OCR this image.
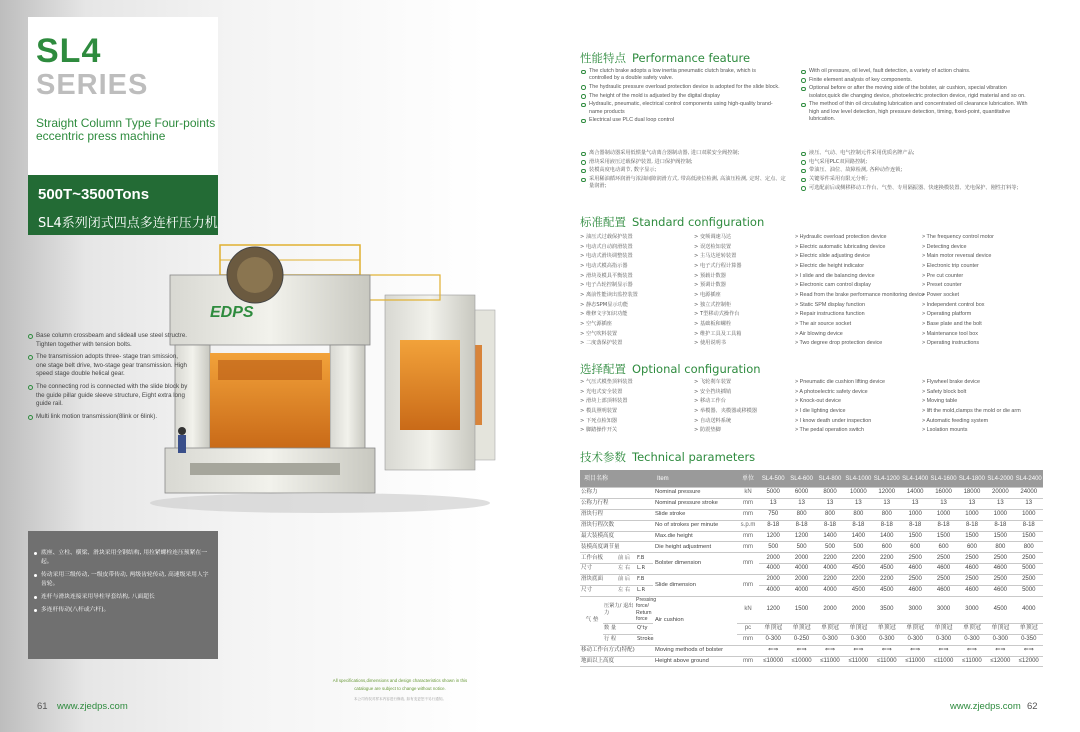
SL4
SERIES
Straight Column Type Four-points eccentric press machine
500T~3500Tons
SL4系列闭式四点多连杆压力机
EDPS
Base column crossbeam and slideall use steel structre. Tighten together with tension bolts.
The transmission adopts three- stage tran smission, one stage belt drive, two-stage gear transmission. High speed stage double helical gear.
The connecting rod is connected with the slide block by the guide pillar guide sleeve structure, Eight extra long guide rail.
Multi link motion transmission(8link or 6link).
底座、立柱、横梁、滑块采用全钢结构, 用拉紧螺栓连压预紧在一起。
传动采用三级传动, 一级皮带传动, 两级齿轮传动, 高速级采用人字齿轮。
连杆与滑块连接采用导柱导套结构, 八面超长
多连杆传动(八杆或六杆)。
性能特点 Performance feature
The clutch brake adopts a low inertia pneumatic clutch brake, which is controlled by a double safety valve.
The hydraulic pressure overload protection device is adopted for the slide block.
The height of the mold is adjusted by the digital display
Hydraulic, pneumatic, electrical control components using high-quality brand-name products
Electrical use PLC dual loop control
With oil pressure, oil level, fault detection, a variety of action chains.
Finite element analysis of key components.
Optional before or after the moving side of the bolster, air cushion, special vibration isolator,quick die changing device, photoelectric protection device, rigid material and so on.
The method of thin oil circulating lubrication and concentrated oil clearance lubrication. With high and low level detection, high pressure detection, timing, fixed-point, quantitative lubrication.
离合器制动器采用低惯量气动离合器制动器, 进口双联安全阀控制;
滑块采用液压过载保护装置, 进口保护阀控制;
装模高度电动调节, 数字显示;
采用稀油循环润滑与浓油间隙润滑方式, 带高低液位检测, 高油压检测, 定时、定点、定量润滑;
液压、气动、电气控制元件采用优质名牌产品;
电气采用PLC双回路控制;
带油压、油位、故障检测, 各种动作连锁;
关键零件采用有限元分析;
可选配前后或侧移移动工作台、气垫、专用隔振器、快速换模装置、光电保护、刚性打料等;
标准配置 Standard configuration
> 油压式过载保护装置
> 电动式自动润滑装置
> 电动式滑块调整装置
> 电动式模高指示器
> 滑块及模具平衡装置
> 电子凸轮控制显示器
> 离前性能读出监控装置
> 静态SPM显示功能
> 维修文字知识功能
> 空气源插座
> 空气吹料装置
> 二度落保护装置
> 变频调速马达
> 误送检知装置
> 主马达逆转装置
> 电子式行程计算器
> 预载计数器
> 预调计数器
> 电源插座
> 独立式控制柜
> T型移动式操作台
> 基础板和螺栓
> 维护工具及工具箱
> 使用说明书
> Hydraulic overload protection device
> Electric automatic lubricating device
> Electric slide adjusting device
> Electric die height indicator
> I slide and die balancing device
> Electronic cam control display
> Read from the brake performance monitoring device
> Static SPM display function
> Repair instructions function
> The air source socket
> Air blowing device
> Two degree drop protection device
> The frequency control motor
> Detecting device
> Main motor reversal device
> Electronic trip counter
> Pre cut counter
> Preset counter
> Power socket
> Independent control box
> Operating platform
> Base plate and the bolt
> Maintenance tool box
> Operating instructions
选择配置 Optional configuration
> 气压式模垫顶料装置
> 光电式安全装置
> 滑块上部顶料装置
> 模具照明装置
> 下死点检知器
> 脚踏操作开关
> 飞轮刹车装置
> 安全挡块插销
> 移动工作台
> 举模器、夹模器或移模器
> 自动送料系统
> 防震垫脚
> Pneumatic die cushion lifting device
> A photoelectric safety device
> Knock-out device
> I die lighting device
> I know death under inspection
> The pedal operation switch
> Flywheel brake device
> Safety block bolt
> Moving table
> lift the mold,clamps the mold or die arm
> Automatic feeding system
> Lsolation mounts
技术参数 Technical parameters
项目名称				Item	单位	SL4-500	SL4-600	SL4-800	SL4-1000	SL4-1200	SL4-1400	SL4-1600	SL4-1800	SL4-2000	SL4-2400
公称力				Nominal pressure	kN	5000	6000	8000	10000	12000	14000	16000	18000	20000	24000
公称力行程				Nominal pressure stroke	mm	13	13	13	13	13	13	13	13	13	13
滑块行程				Slide stroke	mm	750	800	800	800	800	1000	1000	1000	1000	1000
滑块行程次数				No of strokes per minute	s.p.m	8-18	8-18	8-18	8-18	8-18	8-18	8-18	8-18	8-18	8-18
最大装模高度				Max.die height	mm	1200	1200	1400	1400	1400	1500	1500	1500	1500	1500
装模高度调节量				Die height adjustment	mm	500	500	500	500	600	600	600	600	800	800
工作台板		前 后	F.B	Bolster dimension	mm	2000	2000	2200	2200	2200	2500	2500	2500	2500	2500
尺寸		左 右	L.R			4000	4000	4000	4500	4500	4600	4600	4600	4600	5000
滑块底面		前 后	F.B	Slide dimension	mm	2000	2000	2200	2200	2200	2500	2500	2500	2500	2500
尺寸		左 右	L.R			4000	4000	4000	4500	4500	4600	4600	4600	4600	5000
气 垫	压紧力/ 退出力		Pressing force/ Return force	Air cushion	kN	1200	1500	2000	2000	3500	3000	3000	3000	4500	4000
	数 量		Q'ty		pc	单顶冠	单顶冠	单顶冠	单顶冠	单顶冠	单顶冠	单顶冠	单顶冠	单顶冠	单顶冠
	行 程		Stroke		mm	0-300	0-250	0-300	0-300	0-300	0-300	0-300	0-300	0-300	0-350
移动工作台方式(特配)				Moving methods of bolster		⇐⇒	⇐⇒	⇐⇒	⇐⇒	⇐⇒	⇐⇒	⇐⇒	⇐⇒	⇐⇒	⇐⇒
地面以上高度				Height above ground	mm	≤10000	≤10000	≤11000	≤11000	≤11000	≤11000	≤11000	≤11000	≤12000	≤12000
All specifications,dimensions and design characteristics shown in this
catalogue are subject to change without notice.
本公司有权对样本内容进行修改, 如有变更恕不另行通知。
61 www.zjedps.com	www.zjedps.com 62
